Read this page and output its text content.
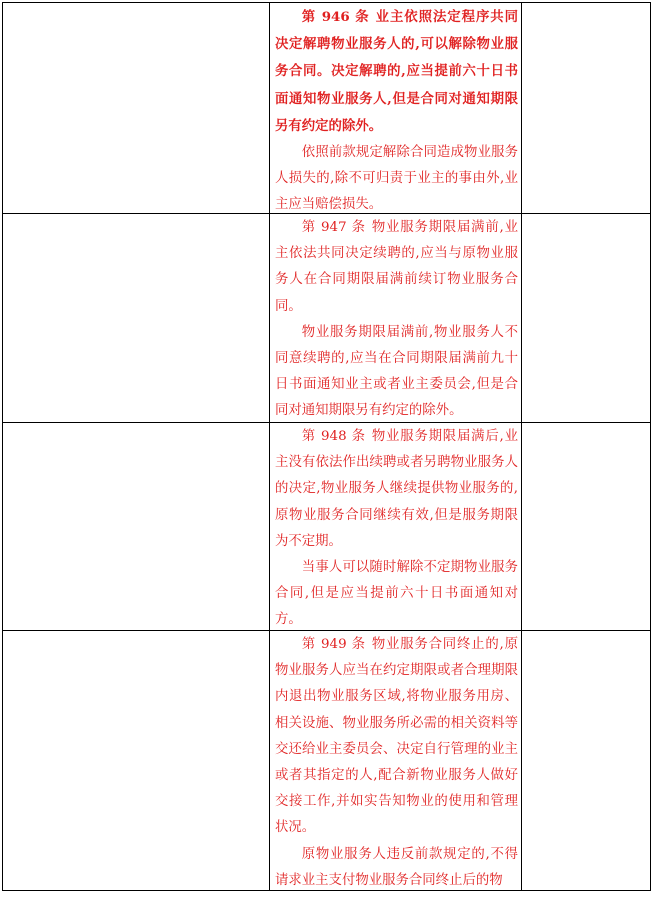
	第 946 条 业主依照法定程序共同决定解聘物业服务人的,可以解除物业服务合同。决定解聘的,应当提前六十日书面通知物业服务人,但是合同对通知期限另有约定的除外。

依照前款规定解除合同造成物业服务人损失的,除不可归责于业主的事由外,业主应当赔偿损失。	

	第 947 条 物业服务期限届满前,业主依法共同决定续聘的,应当与原物业服务人在合同期限届满前续订物业服务合同。

物业服务期限届满前,物业服务人不同意续聘的,应当在合同期限届满前九十日书面通知业主或者业主委员会,但是合同对通知期限另有约定的除外。	

	第 948 条 物业服务期限届满后,业主没有依法作出续聘或者另聘物业服务人的决定,物业服务人继续提供物业服务的,原物业服务合同继续有效,但是服务期限为不定期。

当事人可以随时解除不定期物业服务合同,但是应当提前六十日书面通知对方。	

	第 949 条 物业服务合同终止的,原物业服务人应当在约定期限或者合理期限内退出物业服务区域,将物业服务用房、相关设施、物业服务所必需的相关资料等交还给业主委员会、决定自行管理的业主或者其指定的人,配合新物业服务人做好交接工作,并如实告知物业的使用和管理状况。

原物业服务人违反前款规定的,不得请求业主支付物业服务合同终止后的物	
